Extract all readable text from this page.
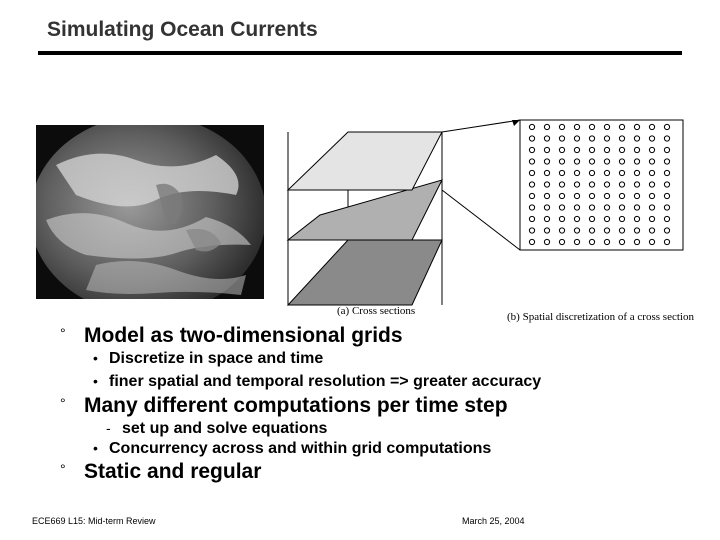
Simulating Ocean Currents
(a) Cross sections	(b) Spatial discretization of a cross section
° Model as two-dimensional grids
• Discretize in space and time
• finer spatial and temporal resolution => greater accuracy
° Many different computations per time step
- set up and solve equations
• Concurrency across and within grid computations
° Static and regular
ECE669 L15: Mid-term Review	March 25, 2004
